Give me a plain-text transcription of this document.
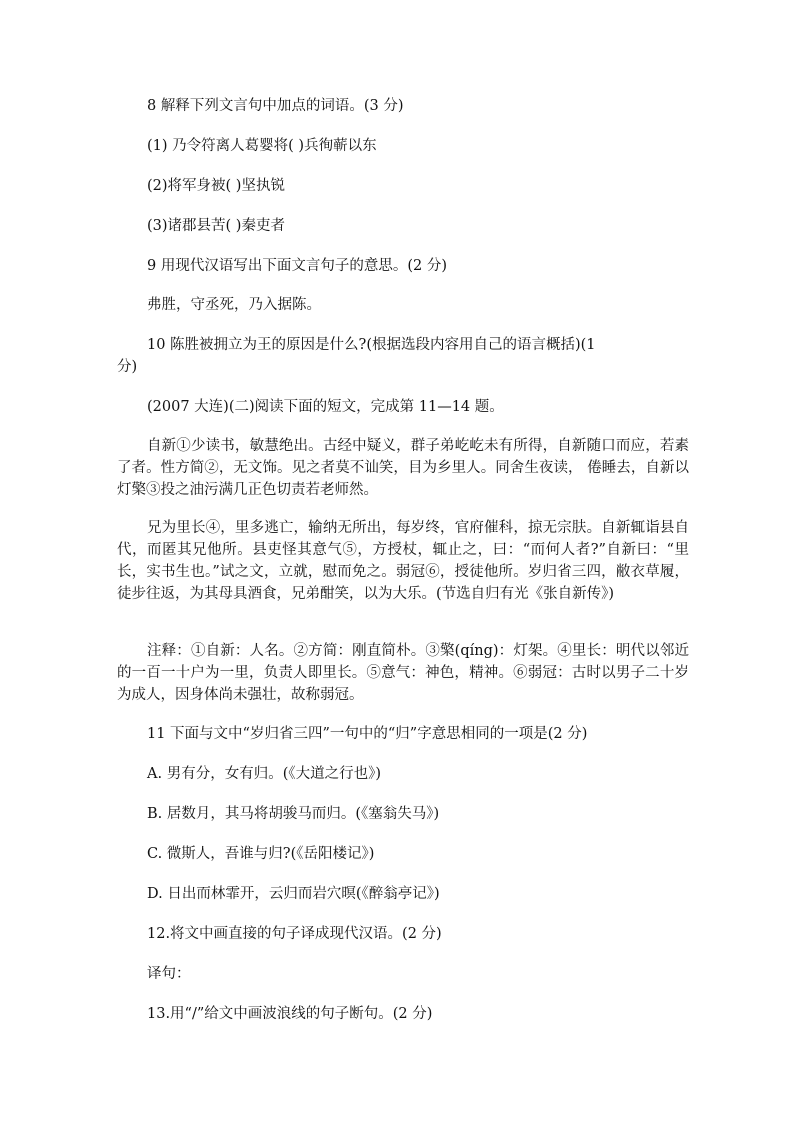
8 解释下列文言句中加点的词语。(3 分)
(1) 乃令符离人葛婴将( )兵徇蕲以东
(2)将军身被( )坚执锐
(3)诸郡县苦( )秦吏者
9 用现代汉语写出下面文言句子的意思。(2 分)
弗胜，守丞死，乃入据陈。
10 陈胜被拥立为王的原因是什么?(根据选段内容用自己的语言概括)(1
分)
(2007 大连)(二)阅读下面的短文，完成第 11—14 题。
自新①少读书，敏慧绝出。古经中疑义，群子弟屹屹未有所得，自新随口而应，若素了者。性方简②，无文饰。见之者莫不讪笑，目为乡里人。同舍生夜读， 倦睡去，自新以灯檠③投之油污满几正色切责若老师然。
兄为里长④，里多逃亡，输纳无所出，每岁终，官府催科，掠无宗肤。自新辄诣县自代，而匿其兄他所。县吏怪其意气⑤，方授杖，辄止之，曰：“而何人者?”自新曰：“里长，实书生也。”试之文，立就，慰而免之。弱冠⑥，授徒他所。岁归省三四，敝衣草履，徒步往返，为其母具酒食，兄弟酣笑，以为大乐。(节选自归有光《张自新传》)
注释：①自新：人名。②方简：刚直简朴。③檠(qíng)：灯架。④里长：明代以邻近的一百一十户为一里，负责人即里长。⑤意气：神色，精神。⑥弱冠：古时以男子二十岁为成人，因身体尚未强壮，故称弱冠。
11 下面与文中“岁归省三四”一句中的“归”字意思相同的一项是(2 分)
A. 男有分，女有归。(《大道之行也》)
B. 居数月，其马将胡骏马而归。(《塞翁失马》)
C. 微斯人，吾谁与归?(《岳阳楼记》)
D. 日出而林霏开，云归而岩穴暝(《醉翁亭记》)
12.将文中画直接的句子译成现代汉语。(2 分)
译句：
13.用“/”给文中画波浪线的句子断句。(2 分)
